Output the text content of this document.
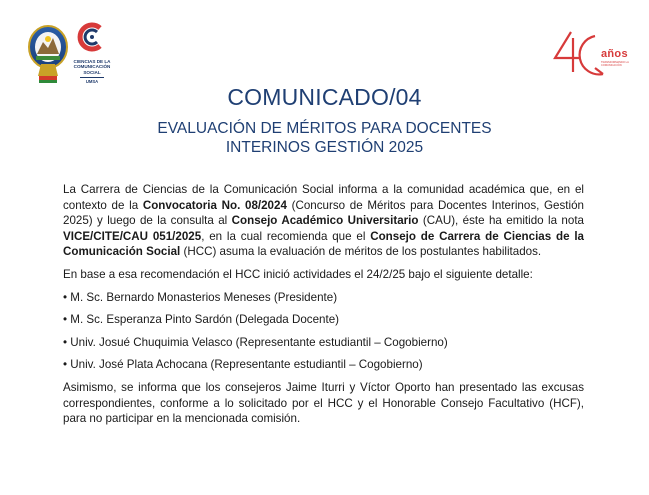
CIENCIAS DE LA
COMUNICACIÓN
SOCIAL
UMSA
años
TRANSFORMANDO LA
COMUNICACIÓN
COMUNICADO/04
EVALUACIÓN DE MÉRITOS PARA DOCENTES
INTERINOS GESTIÓN 2025

La Carrera de Ciencias de la Comunicación Social informa a la comunidad académica que, en el contexto de la Convocatoria No. 08/2024 (Concurso de Méritos para Docentes Interinos, Gestión 2025) y luego de la consulta al Consejo Académico Universitario (CAU), éste ha emitido la nota VICE/CITE/CAU 051/2025, en la cual recomienda que el Consejo de Carrera de Ciencias de la Comunicación Social (HCC) asuma la evaluación de méritos de los postulantes habilitados.

En base a esa recomendación el HCC inició actividades el 24/2/25 bajo el siguiente detalle:

• M. Sc. Bernardo Monasterios Meneses (Presidente)
• M. Sc. Esperanza Pinto Sardón (Delegada Docente)
• Univ. Josué Chuquimia Velasco (Representante estudiantil – Cogobierno)
• Univ. José Plata Achocana (Representante estudiantil – Cogobierno)

Asimismo, se informa que los consejeros Jaime Iturri y Víctor Oporto han presentado las excusas correspondientes, conforme a lo solicitado por el HCC y el Honorable Consejo Facultativo (HCF), para no participar en la mencionada comisión.
